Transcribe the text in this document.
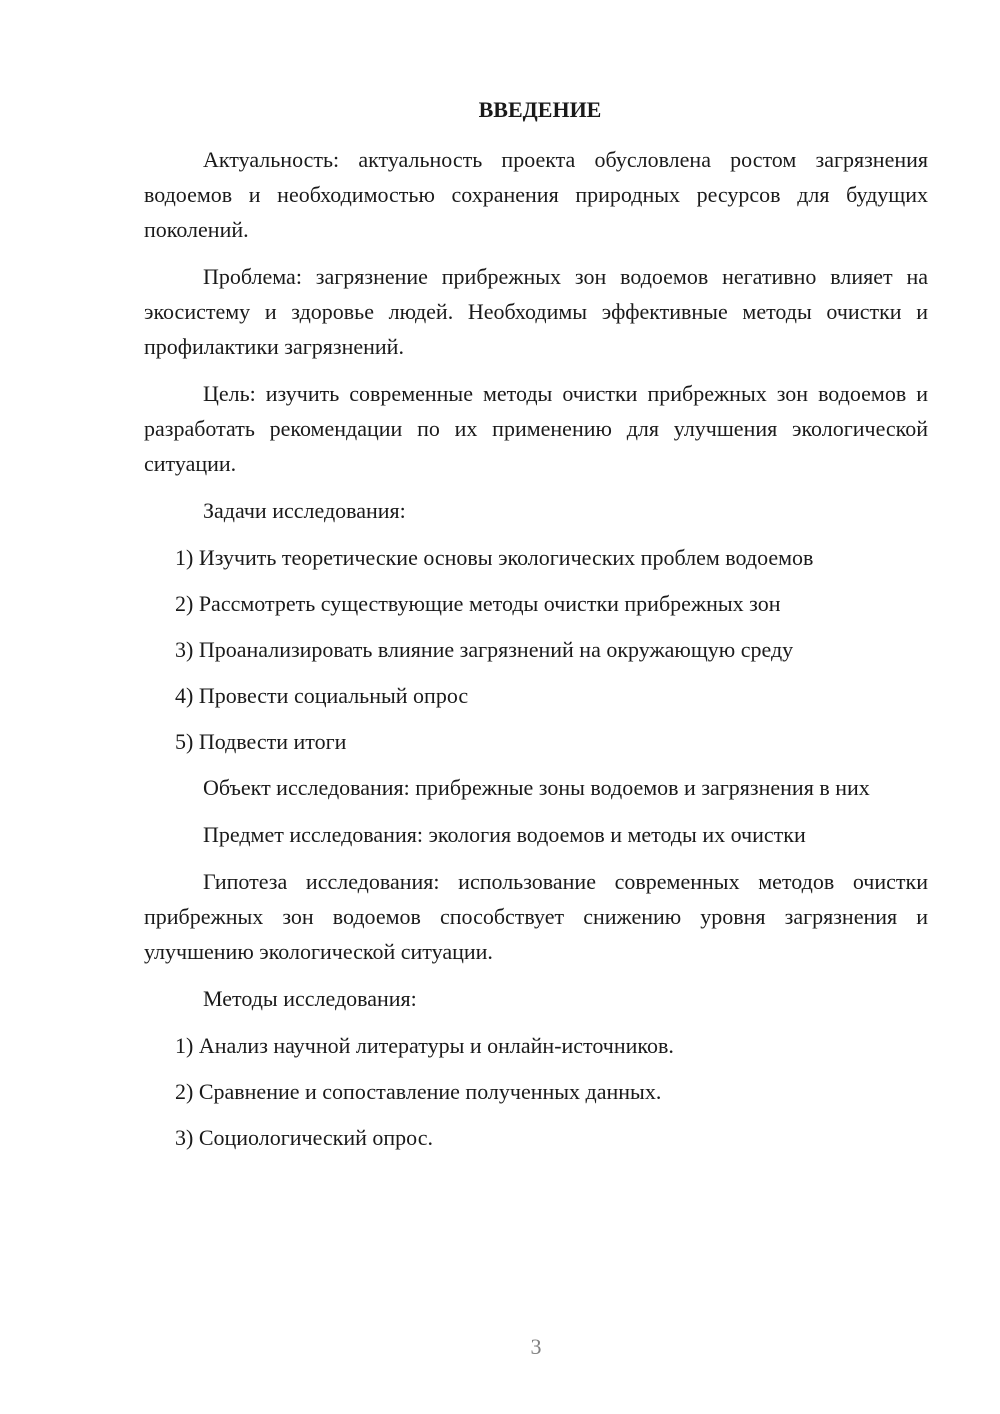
ВВЕДЕНИЕ

Актуальность: актуальность проекта обусловлена ростом загрязнения водоемов и необходимостью сохранения природных ресурсов для будущих поколений.

Проблема: загрязнение прибрежных зон водоемов негативно влияет на экосистему и здоровье людей. Необходимы эффективные методы очистки и профилактики загрязнений.

Цель: изучить современные методы очистки прибрежных зон водоемов и разработать рекомендации по их применению для улучшения экологической ситуации.

Задачи исследования:

1) Изучить теоретические основы экологических проблем водоемов

2) Рассмотреть существующие методы очистки прибрежных зон

3) Проанализировать влияние загрязнений на окружающую среду

4) Провести социальный опрос

5) Подвести итоги

Объект исследования: прибрежные зоны водоемов и загрязнения в них

Предмет исследования: экология водоемов и методы их очистки

Гипотеза исследования: использование современных методов очистки прибрежных зон водоемов способствует снижению уровня загрязнения и улучшению экологической ситуации.

Методы исследования:

1) Анализ научной литературы и онлайн-источников.

2) Сравнение и сопоставление полученных данных.

3) Социологический опрос.

3
